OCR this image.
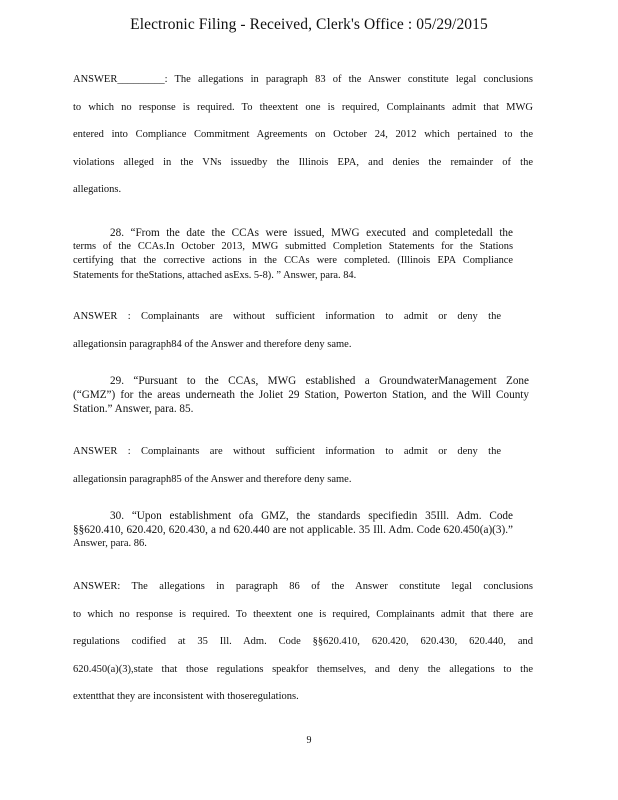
Electronic Filing - Received, Clerk's Office : 05/29/2015
ANSWER_________: The allegations in paragraph 83 of the Answer constitute legal conclusions
to which no response is required. To theextent one is required, Complainants admit that MWG
entered into Compliance Commitment Agreements on October 24, 2012 which pertained to the
violations alleged in the VNs issuedby the Illinois EPA, and denies the remainder of the
allegations.
28. “From the date the CCAs were issued, MWG executed and completedall the
terms of the CCAs.In October 2013, MWG submitted Completion Statements for the Stations
certifying that the corrective actions in the CCAs were completed. (Illinois EPA Compliance
Statements for theStations, attached asExs. 5-8). ” Answer, para. 84.
ANSWER : Complainants are without sufficient information to admit or deny the
allegationsin paragraph84 of the Answer and therefore deny same.
29. “Pursuant to the CCAs, MWG established a GroundwaterManagement Zone
(“GMZ”) for the areas underneath the Joliet 29 Station, Powerton Station, and the Will County
Station.” Answer, para. 85.
ANSWER : Complainants are without sufficient information to admit or deny the
allegationsin paragraph85 of the Answer and therefore deny same.
30. “Upon establishment ofa GMZ, the standards specifiedin 35Ill. Adm. Code
§§620.410, 620.420, 620.430, a nd 620.440 are not applicable. 35 Ill. Adm. Code 620.450(a)(3).”
Answer, para. 86.
ANSWER: The allegations in paragraph 86 of the Answer constitute legal conclusions
to which no response is required. To theextent one is required, Complainants admit that there are
regulations codified at 35 Ill. Adm. Code §§620.410, 620.420, 620.430, 620.440, and
620.450(a)(3),state that those regulations speakfor themselves, and deny the allegations to the
extentthat they are inconsistent with thoseregulations.
9
